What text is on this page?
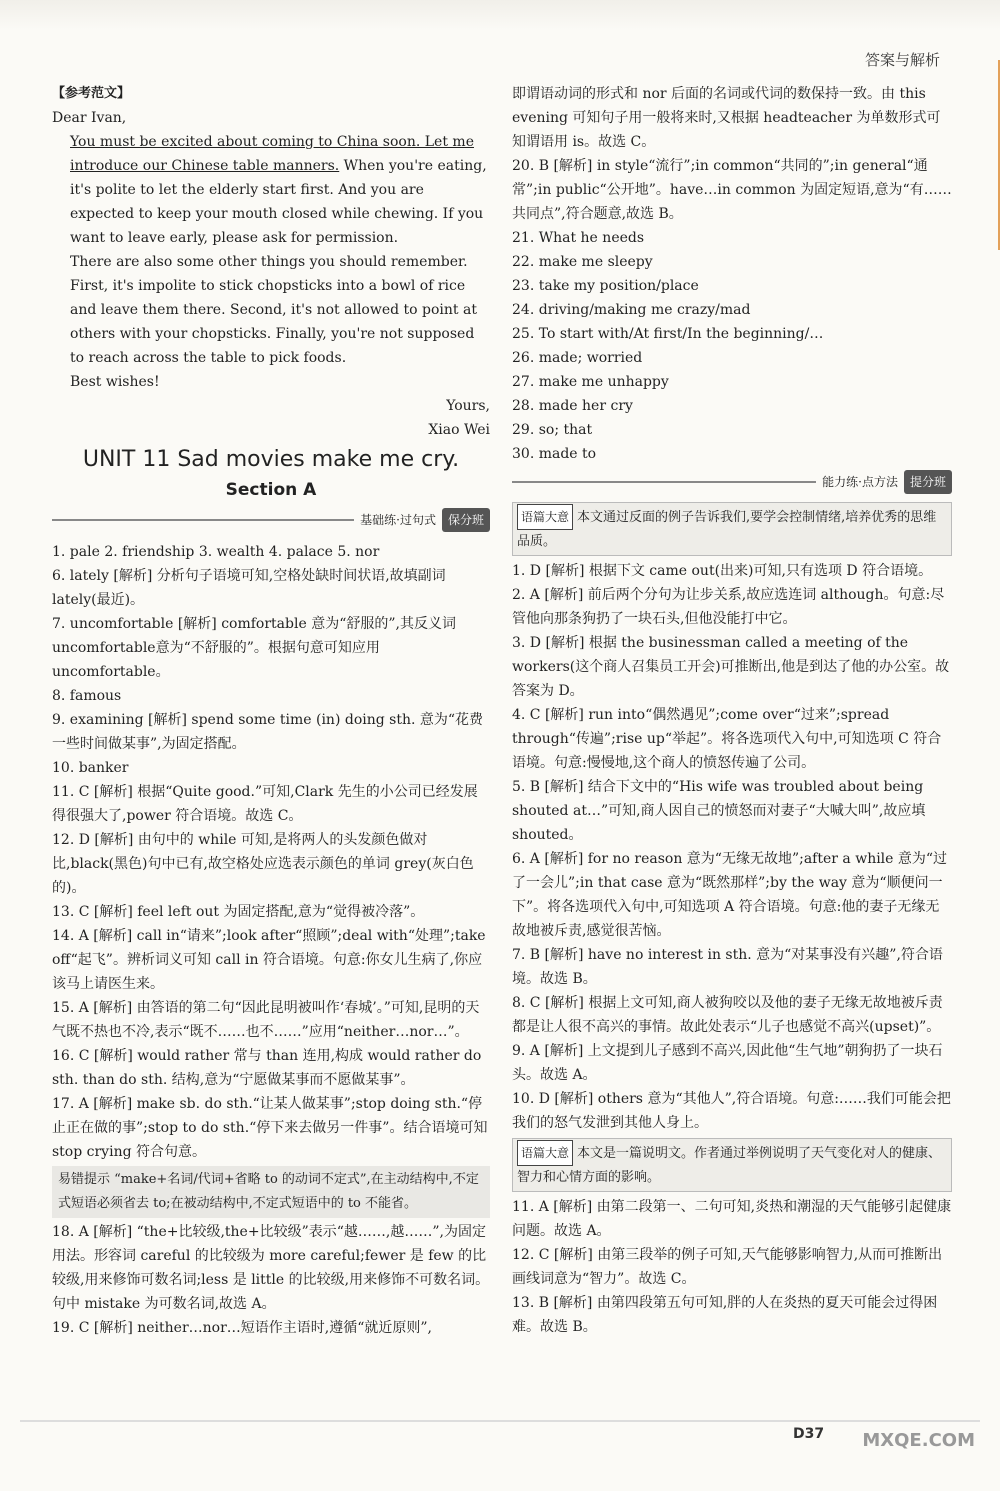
答案与解析
【参考范文】
Dear Ivan,
You must be excited about coming to China soon. Let me introduce our Chinese table manners. When you're eating, it's polite to let the elderly start first. And you are expected to keep your mouth closed while chewing. If you want to leave early, please ask for permission.
There are also some other things you should remember. First, it's impolite to stick chopsticks into a bowl of rice and leave them there. Second, it's not allowed to point at others with your chopsticks. Finally, you're not supposed to reach across the table to pick foods.
Best wishes!
Yours,
Xiao Wei
UNIT 11 Sad movies make me cry.
Section A
基础练·过句式	保分班
1. pale 2. friendship 3. wealth 4. palace 5. nor
6. lately [解析] 分析句子语境可知,空格处缺时间状语,故填副词 lately(最近)。
7. uncomfortable [解析] comfortable 意为“舒服的”,其反义词 uncomfortable意为“不舒服的”。根据句意可知应用 uncomfortable。
8. famous
9. examining [解析] spend some time (in) doing sth. 意为“花费一些时间做某事”,为固定搭配。
10. banker
11. C [解析] 根据“Quite good.”可知,Clark 先生的小公司已经发展得很强大了,power 符合语境。故选 C。
12. D [解析] 由句中的 while 可知,是将两人的头发颜色做对比,black(黑色)句中已有,故空格处应选表示颜色的单词 grey(灰白色的)。
13. C [解析] feel left out 为固定搭配,意为“觉得被冷落”。
14. A [解析] call in“请来”;look after“照顾”;deal with“处理”;take off“起飞”。辨析词义可知 call in 符合语境。句意:你女儿生病了,你应该马上请医生来。
15. A [解析] 由答语的第二句“因此昆明被叫作‘春城’。”可知,昆明的天气既不热也不冷,表示“既不……也不……”应用“neither…nor…”。
16. C [解析] would rather 常与 than 连用,构成 would rather do sth. than do sth. 结构,意为“宁愿做某事而不愿做某事”。
17. A [解析] make sb. do sth.“让某人做某事”;stop doing sth.“停止正在做的事”;stop to do sth.“停下来去做另一件事”。结合语境可知 stop crying 符合句意。
易错提示 “make+名词/代词+省略 to 的动词不定式”,在主动结构中,不定式短语必须省去 to;在被动结构中,不定式短语中的 to 不能省。
18. A [解析] “the+比较级,the+比较级”表示“越……,越……”,为固定用法。形容词 careful 的比较级为 more careful;fewer 是 few 的比较级,用来修饰可数名词;less 是 little 的比较级,用来修饰不可数名词。句中 mistake 为可数名词,故选 A。
19. C [解析] neither…nor…短语作主语时,遵循“就近原则”,
即谓语动词的形式和 nor 后面的名词或代词的数保持一致。由 this evening 可知句子用一般将来时,又根据 headteacher 为单数形式可知谓语用 is。故选 C。
20. B [解析] in style“流行”;in common“共同的”;in general“通常”;in public“公开地”。have…in common 为固定短语,意为“有……共同点”,符合题意,故选 B。
21. What he needs
22. make me sleepy
23. take my position/place
24. driving/making me crazy/mad
25. To start with/At first/In the beginning/…
26. made; worried
27. make me unhappy
28. made her cry
29. so; that
30. made to
能力练·点方法	提分班
语篇大意 本文通过反面的例子告诉我们,要学会控制情绪,培养优秀的思维品质。
1. D [解析] 根据下文 came out(出来)可知,只有选项 D 符合语境。
2. A [解析] 前后两个分句为让步关系,故应选连词 although。句意:尽管他向那条狗扔了一块石头,但他没能打中它。
3. D [解析] 根据 the businessman called a meeting of the workers(这个商人召集员工开会)可推断出,他是到达了他的办公室。故答案为 D。
4. C [解析] run into“偶然遇见”;come over“过来”;spread through“传遍”;rise up“举起”。将各选项代入句中,可知选项 C 符合语境。句意:慢慢地,这个商人的愤怒传遍了公司。
5. B [解析] 结合下文中的“His wife was troubled about being shouted at…”可知,商人因自己的愤怒而对妻子“大喊大叫”,故应填 shouted。
6. A [解析] for no reason 意为“无缘无故地”;after a while 意为“过了一会儿”;in that case 意为“既然那样”;by the way 意为“顺便问一下”。将各选项代入句中,可知选项 A 符合语境。句意:他的妻子无缘无故地被斥责,感觉很苦恼。
7. B [解析] have no interest in sth. 意为“对某事没有兴趣”,符合语境。故选 B。
8. C [解析] 根据上文可知,商人被狗咬以及他的妻子无缘无故地被斥责都是让人很不高兴的事情。故此处表示“儿子也感觉不高兴(upset)”。
9. A [解析] 上文提到儿子感到不高兴,因此他“生气地”朝狗扔了一块石头。故选 A。
10. D [解析] others 意为“其他人”,符合语境。句意:……我们可能会把我们的怒气发泄到其他人身上。
语篇大意 本文是一篇说明文。作者通过举例说明了天气变化对人的健康、智力和心情方面的影响。
11. A [解析] 由第二段第一、二句可知,炎热和潮湿的天气能够引起健康问题。故选 A。
12. C [解析] 由第三段举的例子可知,天气能够影响智力,从而可推断出画线词意为“智力”。故选 C。
13. B [解析] 由第四段第五句可知,胖的人在炎热的夏天可能会过得困难。故选 B。
D37 MXQE.COM
